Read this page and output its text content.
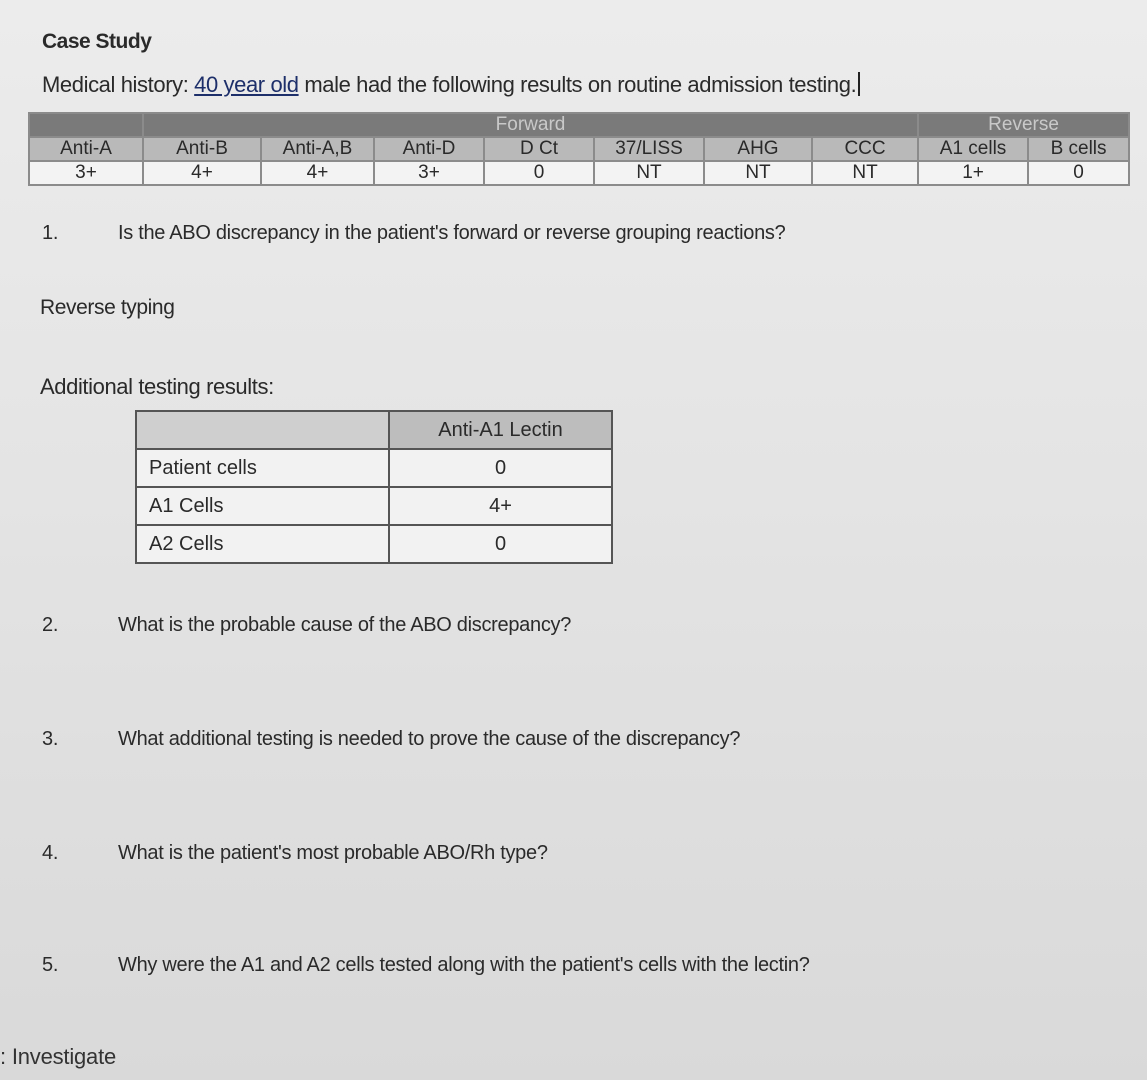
Case Study
Medical history: 40 year old male had the following results on routine admission testing.
	Forward							Reverse	
Anti-A	Anti-B	Anti-A,B	Anti-D	D Ct	37/LISS	AHG	CCC	A1 cells	B cells
3+	4+	4+	3+	0	NT	NT	NT	1+	0
1.	Is the ABO discrepancy in the patient's forward or reverse grouping reactions?
Reverse typing
Additional testing results:
	Anti-A1 Lectin
Patient cells	0
A1 Cells	4+
A2 Cells	0
2.	What is the probable cause of the ABO discrepancy?
3.	What additional testing is needed to prove the cause of the discrepancy?
4.	What is the patient's most probable ABO/Rh type?
5.	Why were the A1 and A2 cells tested along with the patient's cells with the lectin?
: Investigate
